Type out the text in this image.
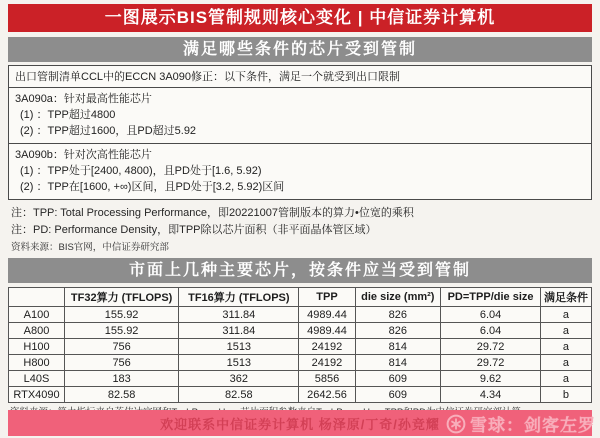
一图展示BIS管制规则核心变化 | 中信证券计算机
满足哪些条件的芯片受到管制
出口管制清单CCL中的ECCN 3A090修正：以下条件，满足一个就受到出口限制
3A090a：针对最高性能芯片
(1) ：TPP超过4800
(2) ：TPP超过1600，且PD超过5.92
3A090b：针对次高性能芯片
(1) ：TPP处于[2400, 4800)，且PD处于[1.6, 5.92)
(2) ：TPP在[1600, +∞)区间，且PD处于[3.2, 5.92)区间
注：TPP: Total Processing Performance，即20221007管制版本的算力•位宽的乘积
注：PD: Performance Density，即TPP除以芯片面积（非平面晶体管区域）
资料来源：BIS官网，中信证券研究部
市面上几种主要芯片，按条件应当受到管制
	TF32算力 (TFLOPS)	TF16算力 (TFLOPS)	TPP	die size (mm²)	PD=TPP/die size	满足条件
A100	155.92	311.84	4989.44	826	6.04	a
A800	155.92	311.84	4989.44	826	6.04	a
H100	756	1513	24192	814	29.72	a
H800	756	1513	24192	814	29.72	a
L40S	183	362	5856	609	9.62	a
RTX4090	82.58	82.58	2642.56	609	4.34	b
欢迎联系中信证券计算机 杨泽原/丁奇/孙竞耀 雪球：剑客左罗
